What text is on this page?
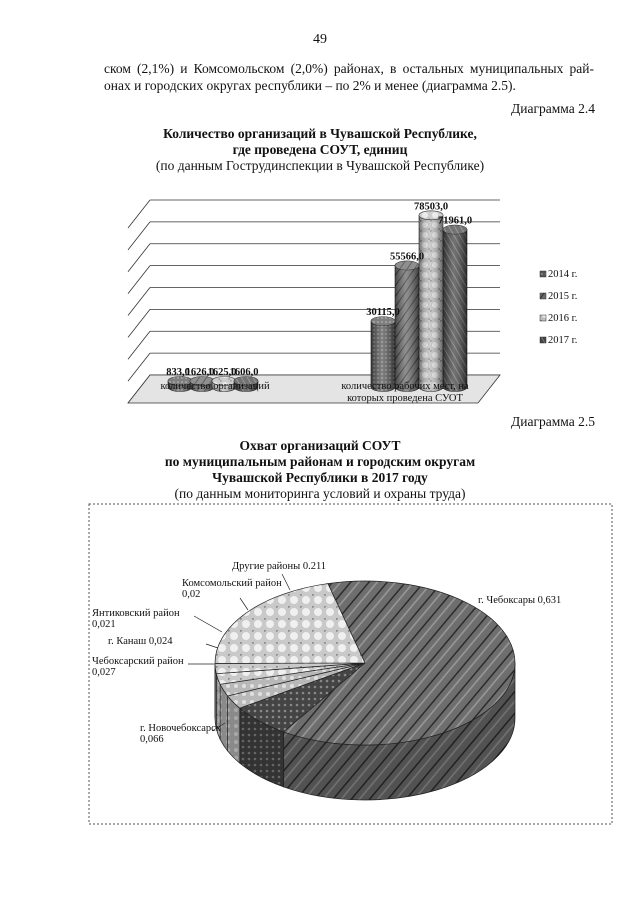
49
ском (2,1%) и Комсомольском (2,0%) районах, в остальных муниципальных рай-
онах и городских округах республики – по 2% и менее (диаграмма 2.5).
Диаграмма 2.4
Количество организаций в Чувашской Республике,
где проведена СОУТ, единиц
(по данным Гострудинспекции в Чувашской Республике)
833,0
30115,0
1626,0
55566,0
1625,0
78503,0
1606,0
71961,0
количество организаций	количество рабочих мест, на
которых проведена СУОТ
2014 г.
2015 г.
2016 г.
2017 г.
Диаграмма 2.5
Охват организаций СОУТ
по муниципальным районам и городским округам
Чувашской Республики в 2017 году
(по данным мониторинга условий и охраны труда)
г. Чебоксары 0,631
г. Новочебоксарск
0,066
Чебоксарский район
0,027
г. Канаш 0,024
Янтиковский район
0,021
Комсомольский район
0,02
Другие районы 0.211
